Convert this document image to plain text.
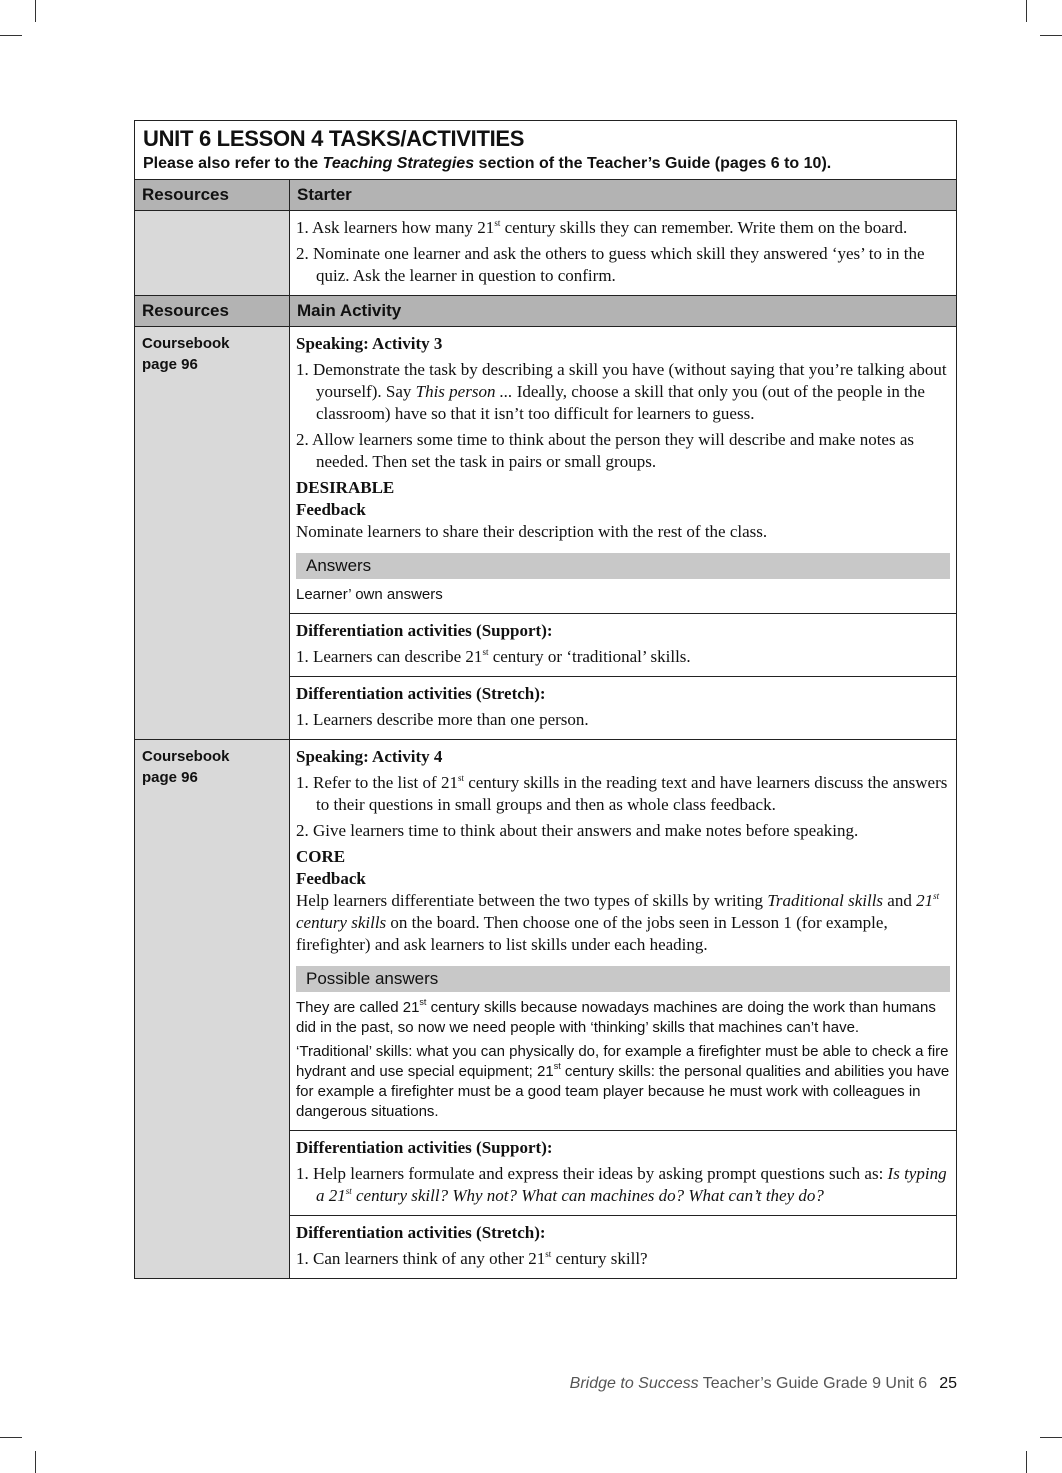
UNIT 6 LESSON 4 TASKS/ACTIVITIES
Please also refer to the Teaching Strategies section of the Teacher’s Guide (pages 6 to 10).
Resources	Starter
1. Ask learners how many 21st century skills they can remember. Write them on the board.
2. Nominate one learner and ask the others to guess which skill they answered ‘yes’ to in the quiz. Ask the learner in question to confirm.
Resources	Main Activity
Coursebook
page 96
Speaking: Activity 3
1. Demonstrate the task by describing a skill you have (without saying that you’re talking about yourself). Say This person ... Ideally, choose a skill that only you (out of the people in the classroom) have so that it isn’t too difficult for learners to guess.
2. Allow learners some time to think about the person they will describe and make notes as needed. Then set the task in pairs or small groups.
DESIRABLE
Feedback
Nominate learners to share their description with the rest of the class.
Answers
Learner’ own answers
Differentiation activities (Support):
1. Learners can describe 21st century or ‘traditional’ skills.
Differentiation activities (Stretch):
1. Learners describe more than one person.
Coursebook
page 96
Speaking: Activity 4
1. Refer to the list of 21st century skills in the reading text and have learners discuss the answers to their questions in small groups and then as whole class feedback.
2. Give learners time to think about their answers and make notes before speaking.
CORE
Feedback
Help learners differentiate between the two types of skills by writing Traditional skills and 21st century skills on the board. Then choose one of the jobs seen in Lesson 1 (for example, firefighter) and ask learners to list skills under each heading.
Possible answers
They are called 21st century skills because nowadays machines are doing the work than humans did in the past, so now we need people with ‘thinking’ skills that machines can’t have.
‘Traditional’ skills: what you can physically do, for example a firefighter must be able to check a fire hydrant and use special equipment; 21st century skills: the personal qualities and abilities you have for example a firefighter must be a good team player because he must work with colleagues in dangerous situations.
Differentiation activities (Support):
1. Help learners formulate and express their ideas by asking prompt questions such as: Is typing a 21st century skill? Why not? What can machines do? What can’t they do?
Differentiation activities (Stretch):
1. Can learners think of any other 21st century skill?
Bridge to Success Teacher’s Guide Grade 9 Unit 6 25
